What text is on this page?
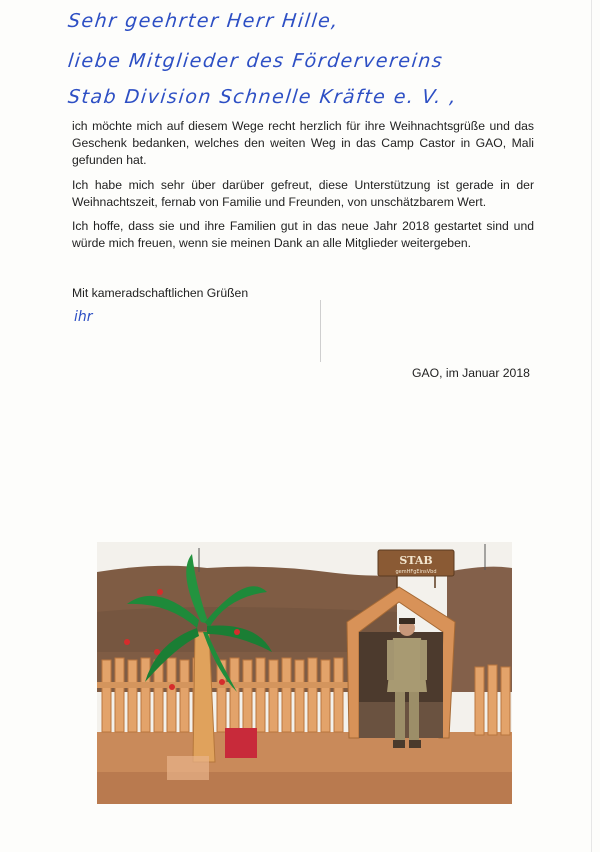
Sehr geehrter Herr Hille,
liebe Mitglieder des Fördervereins
Stab Division Schnelle Kräfte e. V. ,

ich möchte mich auf diesem Wege recht herzlich für ihre Weihnachtsgrüße und das Geschenk bedanken, welches den weiten Weg in das Camp Castor in GAO, Mali gefunden hat.

Ich habe mich sehr über darüber gefreut, diese Unterstützung ist gerade in der Weihnachtszeit, fernab von Familie und Freunden, von unschätzbarem Wert.

Ich hoffe, dass sie und ihre Familien gut in das neue Jahr 2018 gestartet sind und würde mich freuen, wenn sie meinen Dank an alle Mitglieder weitergeben.

Mit kameradschaftlichen Grüßen
ihr
GAO, im Januar 2018
STAB
gemHFgEinsVbd
